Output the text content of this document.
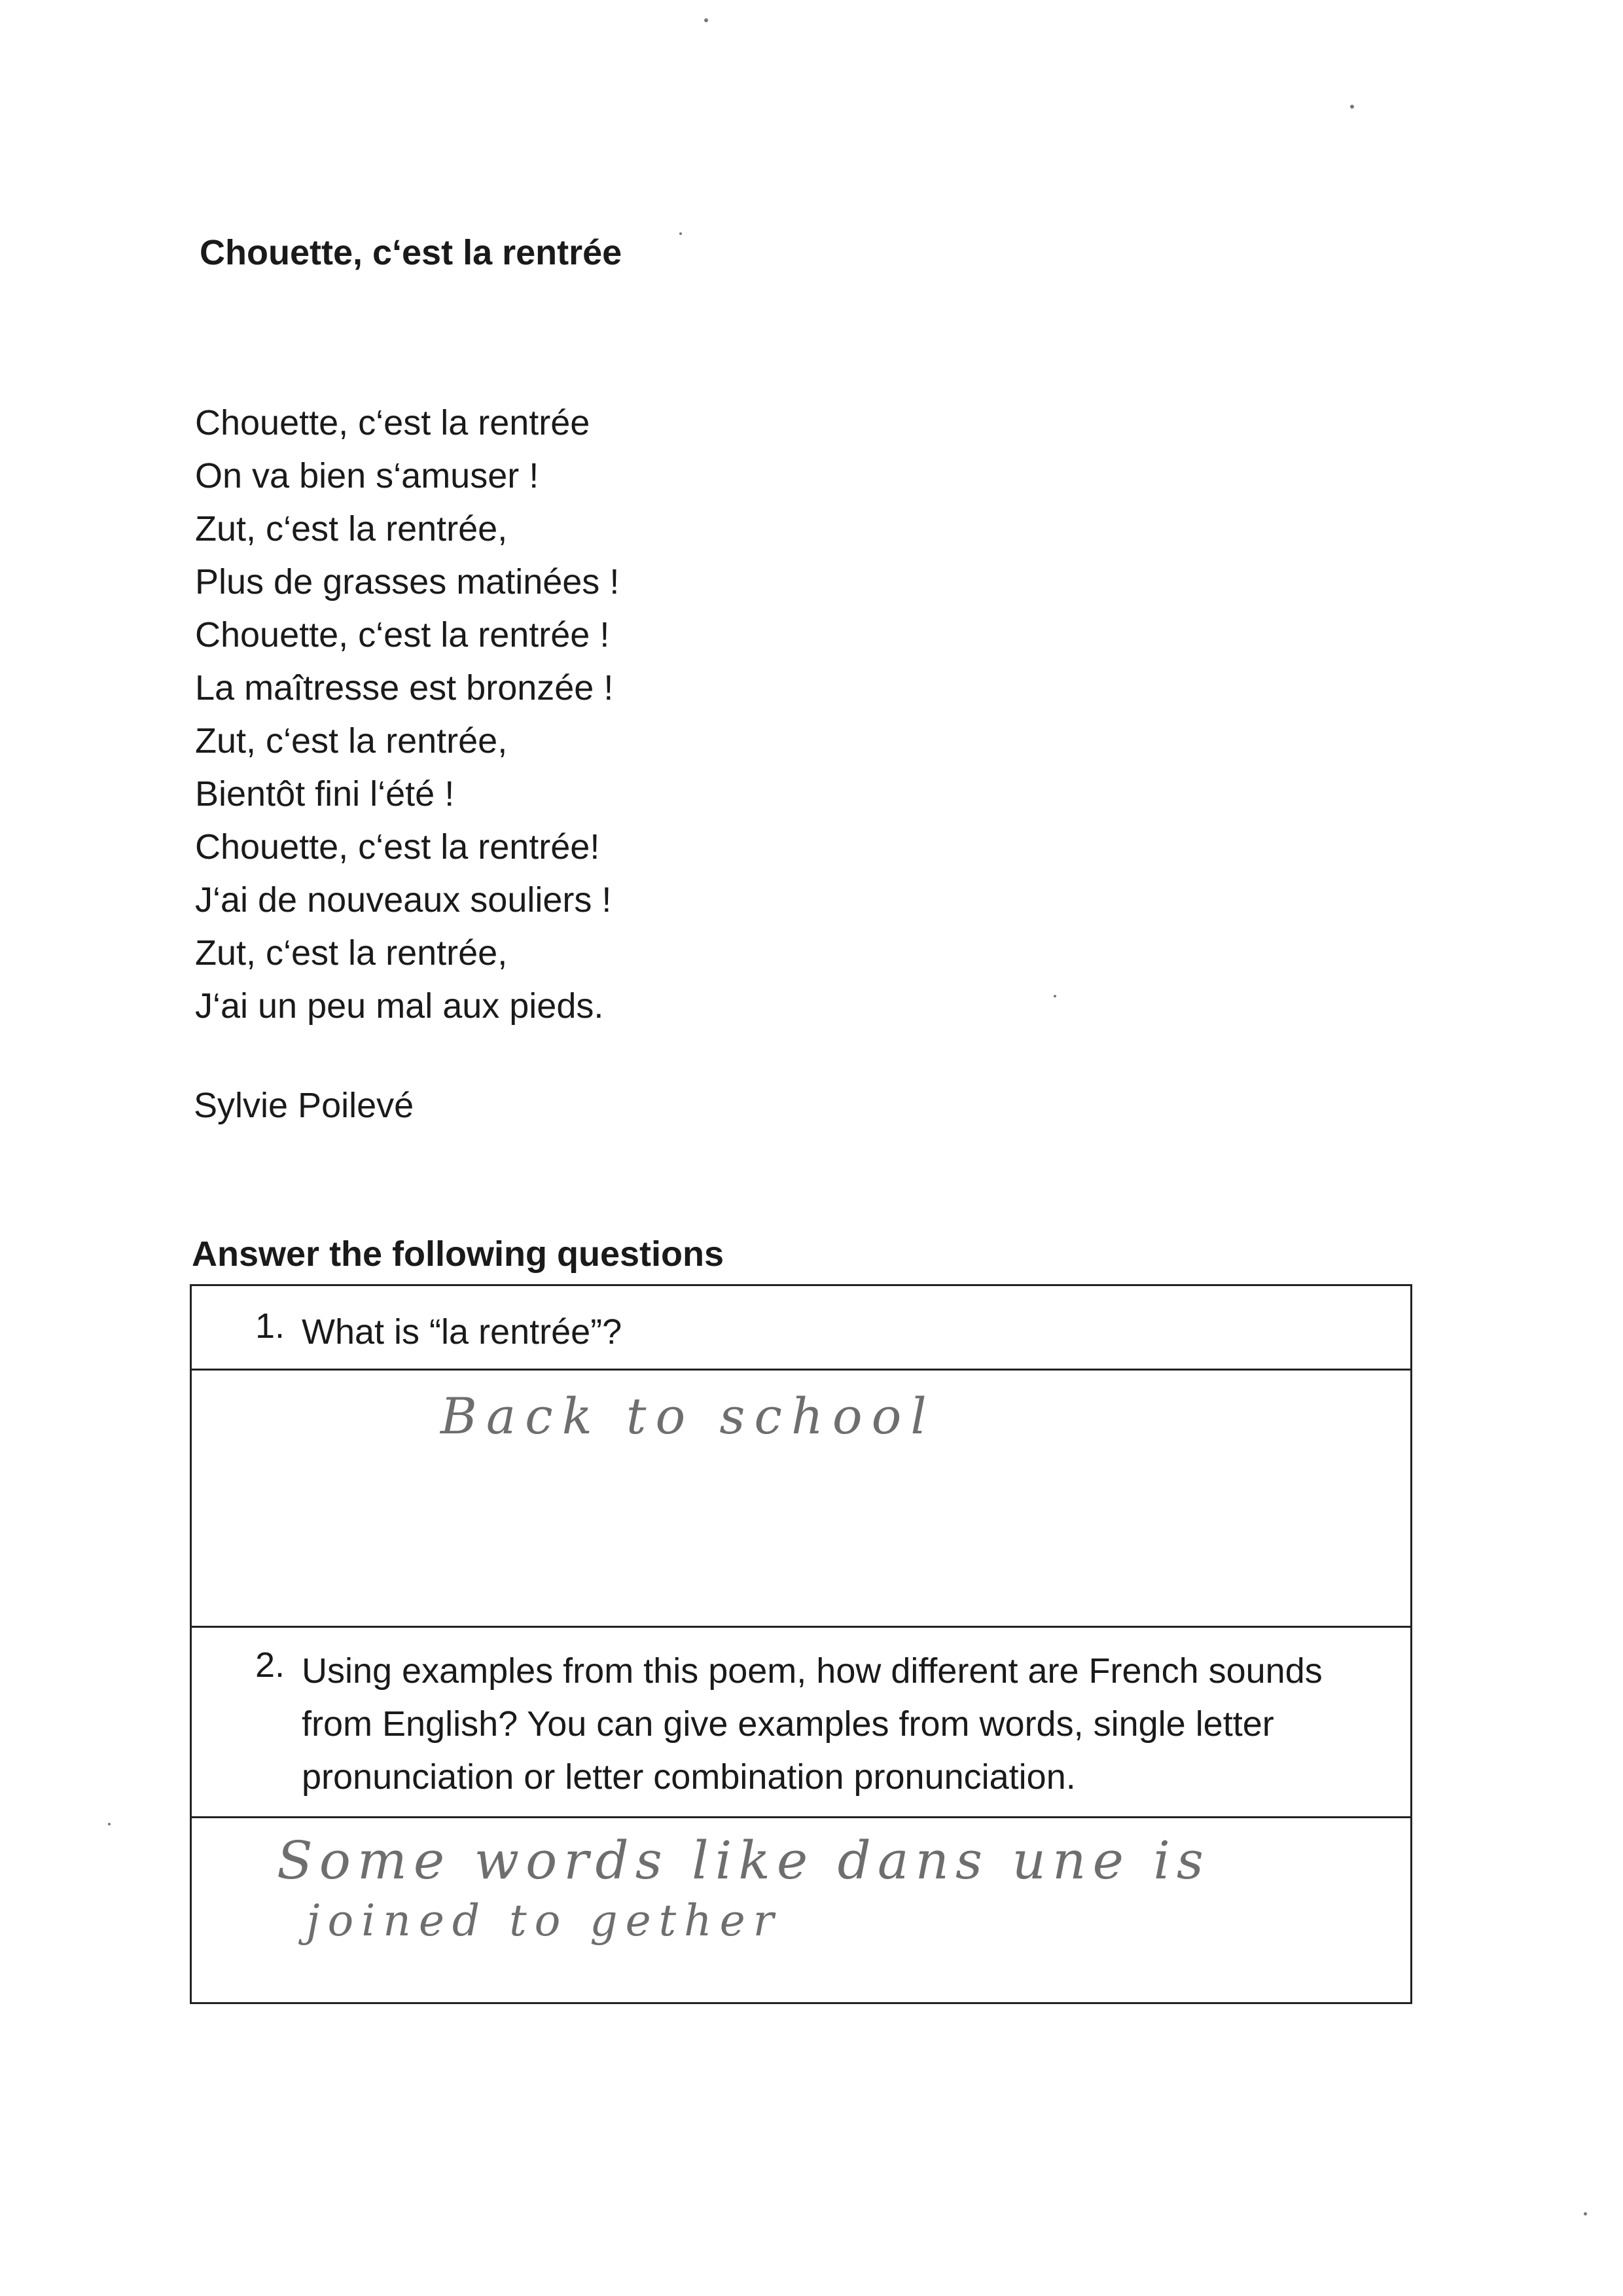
Chouette, c‘est la rentrée
Chouette, c‘est la rentrée
On va bien s‘amuser !
Zut, c‘est la rentrée,
Plus de grasses matinées !
Chouette, c‘est la rentrée !
La maîtresse est bronzée !
Zut, c‘est la rentrée,
Bientôt fini l‘été !
Chouette, c‘est la rentrée!
J‘ai de nouveaux souliers !
Zut, c‘est la rentrée,
J‘ai un peu mal aux pieds.
Sylvie Poilevé
Answer the following questions
1. What is “la rentrée”?
Back to school
2. Using examples from this poem, how different are French sounds from English? You can give examples from words, single letter pronunciation or letter combination pronunciation.
Some words like dans une is
joined to gether
